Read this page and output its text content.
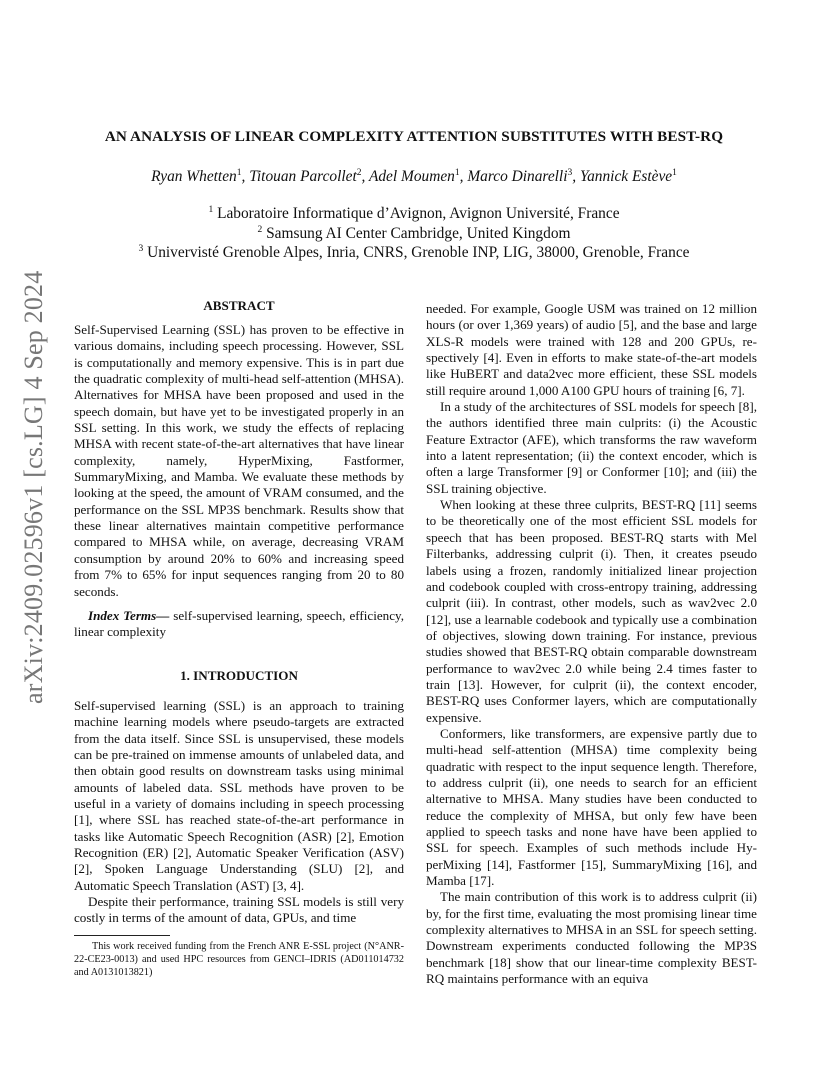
arXiv:2409.02596v1 [cs.LG] 4 Sep 2024
AN ANALYSIS OF LINEAR COMPLEXITY ATTENTION SUBSTITUTES WITH BEST-RQ
Ryan Whetten$^1$, Titouan Parcollet$^2$, Adel Moumen$^1$, Marco Dinarelli$^3$, Yannick Estève$^1$
$^1$ Laboratoire Informatique d’Avignon, Avignon Université, France
$^2$ Samsung AI Center Cambridge, United Kingdom
$^3$ Univervisté Grenoble Alpes, Inria, CNRS, Grenoble INP, LIG, 38000, Grenoble, France
ABSTRACT

Self-Supervised Learning (SSL) has proven to be effective in various domains, including speech processing. However, SSL is computationally and memory expensive. This is in part due the quadratic complexity of multi-head self-attention (MHSA). Alternatives for MHSA have been proposed and used in the speech domain, but have yet to be investigated properly in an SSL setting. In this work, we study the effects of replacing MHSA with recent state-of-the-art alternatives that have linear complexity, namely, HyperMixing, Fastformer, SummaryMixing, and Mamba. We evaluate these methods by looking at the speed, the amount of VRAM consumed, and the performance on the SSL MP3S benchmark. Results show that these linear alternatives maintain competitive performance compared to MHSA while, on average, decreasing VRAM consumption by around 20% to 60% and increasing speed from 7% to 65% for input sequences ranging from 20 to 80 seconds.

Index Terms— self-supervised learning, speech, efficiency, linear complexity

1. INTRODUCTION

Self-supervised learning (SSL) is an approach to training machine learning models where pseudo-targets are extracted from the data itself. Since SSL is unsupervised, these models can be pre-trained on immense amounts of unlabeled data, and then obtain good results on downstream tasks using minimal amounts of labeled data. SSL methods have proven to be useful in a variety of domains including in speech processing [1], where SSL has reached state-of-the-art performance in tasks like Automatic Speech Recognition (ASR) [2], Emotion Recognition (ER) [2], Automatic Speaker Verification (ASV) [2], Spoken Language Understanding (SLU) [2], and Automatic Speech Translation (AST) [3, 4].

Despite their performance, training SSL models is still very costly in terms of the amount of data, GPUs, and time

This work received funding from the French ANR E-SSL project (N°ANR-22-CE23-0013) and used HPC resources from GENCI–IDRIS (AD011014732 and A0131013821)

needed. For example, Google USM was trained on 12 million hours (or over 1,369 years) of audio [5], and the base and large XLS-R models were trained with 128 and 200 GPUs, respectively [4]. Even in efforts to make state-of-the-art models like HuBERT and data2vec more efficient, these SSL models still require around 1,000 A100 GPU hours of training [6, 7].

In a study of the architectures of SSL models for speech [8], the authors identified three main culprits: (i) the Acoustic Feature Extractor (AFE), which transforms the raw waveform into a latent representation; (ii) the context encoder, which is often a large Transformer [9] or Conformer [10]; and (iii) the SSL training objective.

When looking at these three culprits, BEST-RQ [11] seems to be theoretically one of the most efficient SSL models for speech that has been proposed. BEST-RQ starts with Mel Filterbanks, addressing culprit (i). Then, it creates pseudo labels using a frozen, randomly initialized linear projection and codebook coupled with cross-entropy training, addressing culprit (iii). In contrast, other models, such as wav2vec 2.0 [12], use a learnable codebook and typically use a combination of objectives, slowing down training. For instance, previous studies showed that BEST-RQ obtain comparable downstream performance to wav2vec 2.0 while being 2.4 times faster to train [13]. However, for culprit (ii), the context encoder, BEST-RQ uses Conformer layers, which are computationally expensive.

Conformers, like transformers, are expensive partly due to multi-head self-attention (MHSA) time complexity being quadratic with respect to the input sequence length. Therefore, to address culprit (ii), one needs to search for an efficient alternative to MHSA. Many studies have been conducted to reduce the complexity of MHSA, but only few have been applied to speech tasks and none have have been applied to SSL for speech. Examples of such methods include HyperMixing [14], Fastformer [15], SummaryMixing [16], and Mamba [17].

The main contribution of this work is to address culprit (ii) by, for the first time, evaluating the most promising linear time complexity alternatives to MHSA in an SSL for speech setting. Downstream experiments conducted following the MP3S benchmark [18] show that our linear-time complexity BEST-RQ maintains performance with an equiva
